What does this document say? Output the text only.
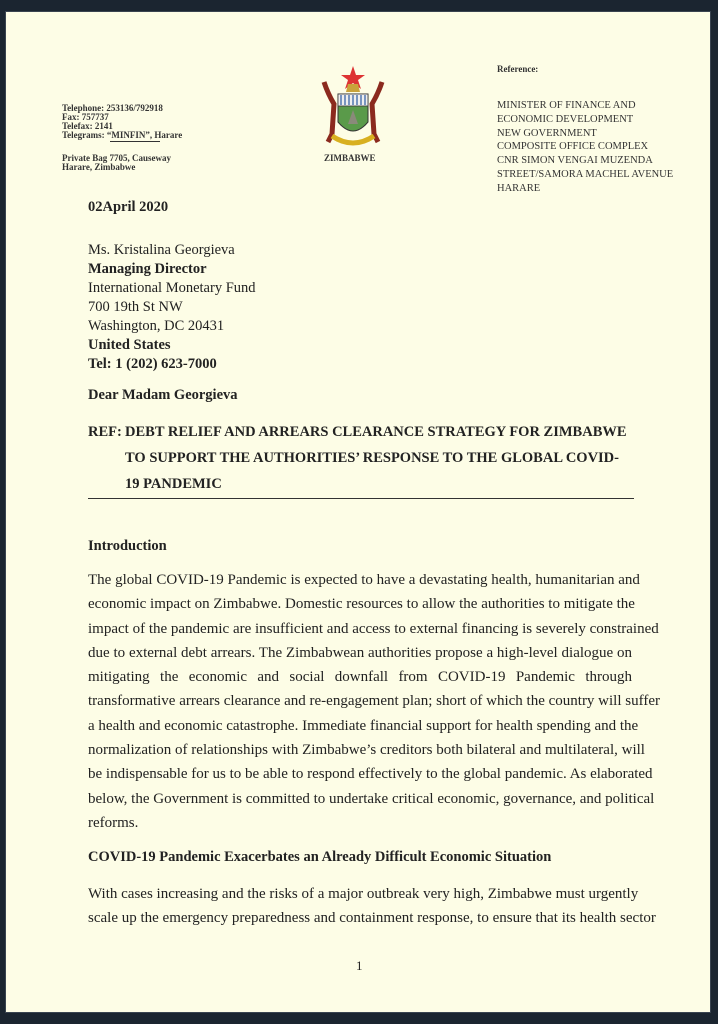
Telephone: 253136/792918
Fax: 757737
Telefax: 2141
Telegrams: “MINFIN”, Harare
Private Bag 7705, Causeway
Harare, Zimbabwe
ZIMBABWE
Reference:
MINISTER OF FINANCE AND
ECONOMIC DEVELOPMENT
NEW GOVERNMENT
COMPOSITE OFFICE COMPLEX
CNR SIMON VENGAI MUZENDA
STREET/SAMORA MACHEL AVENUE
HARARE
02April 2020
Ms. Kristalina Georgieva
Managing Director
International Monetary Fund
700 19th St NW
Washington, DC 20431
United States
Tel: 1 (202) 623-7000
Dear Madam Georgieva
REF: DEBT RELIEF AND ARREARS CLEARANCE STRATEGY FOR ZIMBABWE
TO SUPPORT THE AUTHORITIES’ RESPONSE TO THE GLOBAL COVID-
19 PANDEMIC
Introduction
The global COVID-19 Pandemic is expected to have a devastating health, humanitarian and
economic impact on Zimbabwe. Domestic resources to allow the authorities to mitigate the
impact of the pandemic are insufficient and access to external financing is severely constrained
due to external debt arrears. The Zimbabwean authorities propose a high-level dialogue on
mitigating the economic and social downfall from COVID-19 Pandemic through
transformative arrears clearance and re-engagement plan; short of which the country will suffer
a health and economic catastrophe. Immediate financial support for health spending and the
normalization of relationships with Zimbabwe’s creditors both bilateral and multilateral, will
be indispensable for us to be able to respond effectively to the global pandemic. As elaborated
below, the Government is committed to undertake critical economic, governance, and political
reforms.
COVID-19 Pandemic Exacerbates an Already Difficult Economic Situation
With cases increasing and the risks of a major outbreak very high, Zimbabwe must urgently
scale up the emergency preparedness and containment response, to ensure that its health sector
1
